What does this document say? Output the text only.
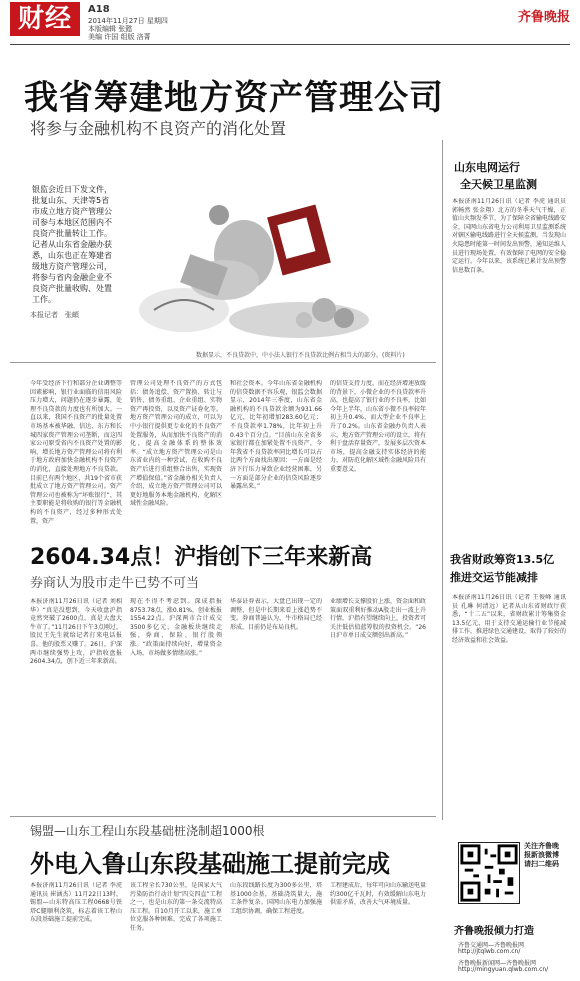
财经	A18
2014年11月27日 星期四
本版编辑 张懿
美编 许国 组版 洛菁
齐鲁晚报
我省筹建地方资产管理公司
将参与金融机构不良资产的消化处置
银监会近日下发文件，批复山东、天津等5省市成立地方资产管理公司参与本地区范围内不良资产批量转让工作。记者从山东省金融办获悉，山东也正在筹建省级地方资产管理公司，将参与省内金融企业不良资产批量收购、处置工作。
本报记者　张頔
数据显示，不良贷款中，中小法人银行不良贷款比例占相当大的部分。(资料片)
今年受经济下行和部分企业调整等因素影响，银行业面临的信用风险压力增大，问题仍在逐步暴露，处理不良贷款的力度也有所加大。一直以来，我国不良资产的批量处置市场基本被华融、信达、东方和长城四家资产管理公司垄断，而这四家公司原受省内不良资产处置的影响，增长地方资产管理公司将有利于地方政府加快金融机构不良资产的消化，直接处理地方不良贷款。目前已有两个地区，共19个省市获批成立了地方资产管理公司。资产管理公司也被称为“坏账银行”，其主要职能是将收购的银行等金融机构的不良资产，经过多种形式处置，资产
管理公司处理不良资产的方式包括：债务追偿、资产置换、转让与销售、债务重组、企业重组、实物资产再投资，以及资产证券化等。地方资产管理公司的成立，可以为中小银行提供更专业化的不良资产处置服务，从而加快不良资产的消化，提高金融体系的整体效率。“成立地方资产管理公司是山东省业内的一种尝试，在收购不良资产后进行重组整合出售，实现资产增值保值。”省金融办相关负责人介绍，成立地方资产管理公司可以更好地服务本地金融机构，化解区域性金融风险。
和社会资本。今年山东省金融机构的信贷数据不容乐观，银监会数据显示，2014年三季度，山东省金融机构的不良贷款余额为931.66亿元，比年初增加283.60亿元；不良贷款率1.78%，比年初上升0.43个百分点。“目前山东全省多家银行都在加紧处置不良资产，今年我省不良贷款率同比增长可以占比两个方面找出原因：一方面是经济下行压力导致企业经营困难，另一方面是部分企业的信贷风险逐步暴露出来。”
的信贷支持力度，而在经济增速放缓的背景下，小微企业的不良贷款率升高，也提高了银行业的不良率，比如今年上半年，山东省小微不良率较年初上升0.4%，而大型企业不良率上升了0.2%。山东省金融办负责人表示，地方资产管理公司的设立，将有利于盘活存量资产，发展多层次资本市场，提高金融支持实体经济的能力，对防范化解区域性金融风险具有重要意义。
山东电网运行
全天候卫星监测
本报济南11月26日讯（记者 李虎 通讯员 郭畅然 张金翔）北方的冬季天气干燥，正值山火频发季节，为了保障全省输电线路安全，国网山东省电力公司利用卫星监测系统对辖区输电线路进行全天候监测，当发现山火隐患时能第一时间发出预警，通知运维人员进行现场处置，有效保障了电网的安全稳定运行。今年以来，该系统已累计发出预警信息数百条。
我省财政筹资13.5亿
推进交运节能减排
本报济南11月26日讯（记者 王俊峰 通讯员 孔琳 何清远）记者从山东省财政厅获悉，“十二五”以来，省财政累计筹集资金13.5亿元，用于支持交通运输行业节能减排工作，推进绿色交通建设，取得了较好的经济效益和社会效益。
2604.34点！沪指创下三年来新高
券商认为股市走牛已势不可当
本报济南11月26日讯（记者 刘相华）“真是没想到，今天收盘沪指竟然突破了2600点，真是大盘大牛市了。”11月26日下午3点刚过，股民王先生就给记者打来电话报喜。他的股票又赚了。26日，沪深两市继续强势上攻，沪指收盘报2604.34点，创下近三年来新高。
现在不得不考虑到。深成指报8753.78点，涨0.81%，创业板报1554.22点。沪深两市合计成交3500多亿元，金融板块继续走强，券商、保险、银行股领涨。“政策面持续向好，增量资金入场，市场做多情绪高涨。”
华泰证券表示，大盘已出现一定的调整，但是中长期来看上涨趋势不变。券商普遍认为，牛市格局已经形成，目前仍是布局良机。
业绩增长支撑股价上涨，资金面和政策面双重利好推动A股走出一波上升行情，沪指有望继续向上，投资者可关注低估值蓝筹股的投资机会。“26日沪市单日成交额创出新高。”
锡盟—山东工程山东段基础桩浇制超1000根
外电入鲁山东段基础施工提前完成
本报济南11月26日讯（记者 李虎 通讯员 崔涵杰）11月22日13时，锡盟—山东特高压工程0668号铁塔C腿顺利浇筑，标志着该工程山东段基础施工提前完成。
该工程全长730公里，是国家大气污染防治行动计划“四交四直”工程之一，也是山东的第一条交流特高压工程。自10月开工以来，施工单位克服各种困难，完成了各项施工任务。
山东段线路长度为300多公里，塔基1000余基，基础浇筑量大，施工条件复杂。国网山东电力加强施工组织协调，确保工程进度。
工程建成后，每年可向山东输送电量约300亿千瓦时，有效缓解山东电力供需矛盾，改善大气环境质量。
关注齐鲁晚报新浪微博 请扫二维码
齐鲁晚报倾力打造
齐鲁交通网—齐鲁晚报网
http://jtqlwb.com.cn/
齐鲁晚报新闻网—齐鲁晚报网
http://mingyuan.qlwb.com.cn/
